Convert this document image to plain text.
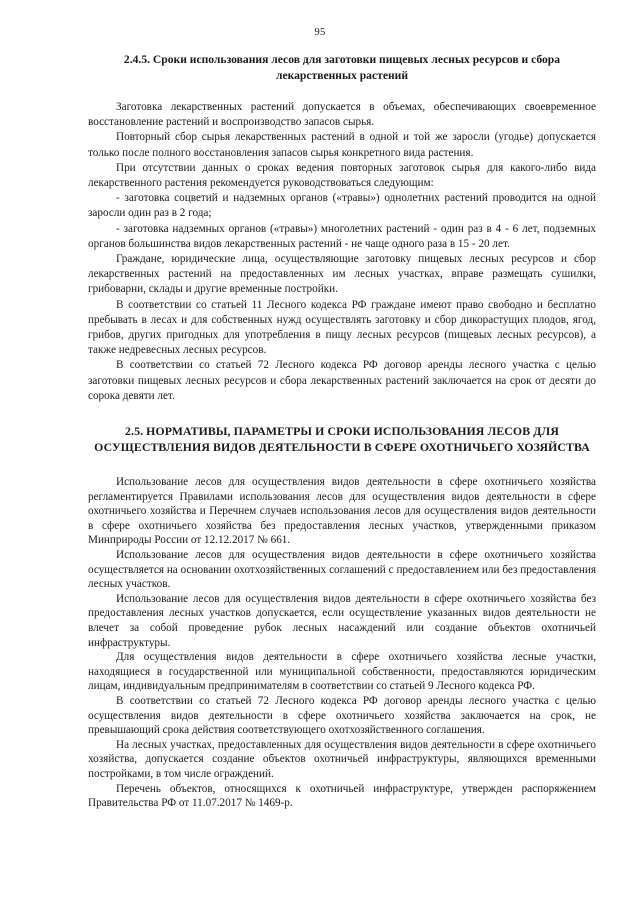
95
2.4.5. Сроки использования лесов для заготовки пищевых лесных ресурсов и сбора лекарственных растений

Заготовка лекарственных растений допускается в объемах, обеспечивающих своевременное восстановление растений и воспроизводство запасов сырья.

Повторный сбор сырья лекарственных растений в одной и той же заросли (угодье) допускается только после полного восстановления запасов сырья конкретного вида растения.

При отсутствии данных о сроках ведения повторных заготовок сырья для какого-либо вида лекарственного растения рекомендуется руководствоваться следующим:

- заготовка соцветий и надземных органов («травы») однолетних растений проводится на одной заросли один раз в 2 года;

- заготовка надземных органов («травы») многолетних растений - один раз в 4 - 6 лет, подземных органов большинства видов лекарственных растений - не чаще одного раза в 15 - 20 лет.

Граждане, юридические лица, осуществляющие заготовку пищевых лесных ресурсов и сбор лекарственных растений на предоставленных им лесных участках, вправе размещать сушилки, грибоварни, склады и другие временные постройки.

В соответствии со статьей 11 Лесного кодекса РФ граждане имеют право свободно и бесплатно пребывать в лесах и для собственных нужд осуществлять заготовку и сбор дикорастущих плодов, ягод, грибов, других пригодных для употребления в пищу лесных ресурсов (пищевых лесных ресурсов), а также недревесных лесных ресурсов.

В соответствии со статьей 72 Лесного кодекса РФ договор аренды лесного участка с целью заготовки пищевых лесных ресурсов и сбора лекарственных растений заключается на срок от десяти до сорока девяти лет.

2.5. НОРМАТИВЫ, ПАРАМЕТРЫ И СРОКИ ИСПОЛЬЗОВАНИЯ ЛЕСОВ ДЛЯ ОСУЩЕСТВЛЕНИЯ ВИДОВ ДЕЯТЕЛЬНОСТИ В СФЕРЕ ОХОТНИЧЬЕГО ХОЗЯЙСТВА

Использование лесов для осуществления видов деятельности в сфере охотничьего хозяйства регламентируется Правилами использования лесов для осуществления видов деятельности в сфере охотничьего хозяйства и Перечнем случаев использования лесов для осуществления видов деятельности в сфере охотничьего хозяйства без предоставления лесных участков, утвержденными приказом Минприроды России от 12.12.2017 № 661.

Использование лесов для осуществления видов деятельности в сфере охотничьего хозяйства осуществляется на основании охотхозяйственных соглашений с предоставлением или без предоставления лесных участков.

Использование лесов для осуществления видов деятельности в сфере охотничьего хозяйства без предоставления лесных участков допускается, если осуществление указанных видов деятельности не влечет за собой проведение рубок лесных насаждений или создание объектов охотничьей инфраструктуры.

Для осуществления видов деятельности в сфере охотничьего хозяйства лесные участки, находящиеся в государственной или муниципальной собственности, предоставляются юридическим лицам, индивидуальным предпринимателям в соответствии со статьей 9 Лесного кодекса РФ.

В соответствии со статьей 72 Лесного кодекса РФ договор аренды лесного участка с целью осуществления видов деятельности в сфере охотничьего хозяйства заключается на срок, не превышающий срока действия соответствующего охотхозяйственного соглашения.

На лесных участках, предоставленных для осуществления видов деятельности в сфере охотничьего хозяйства, допускается создание объектов охотничьей инфраструктуры, являющихся временными постройками, в том числе ограждений.

Перечень объектов, относящихся к охотничьей инфраструктуре, утвержден распоряжением Правительства РФ от 11.07.2017 № 1469-р.
